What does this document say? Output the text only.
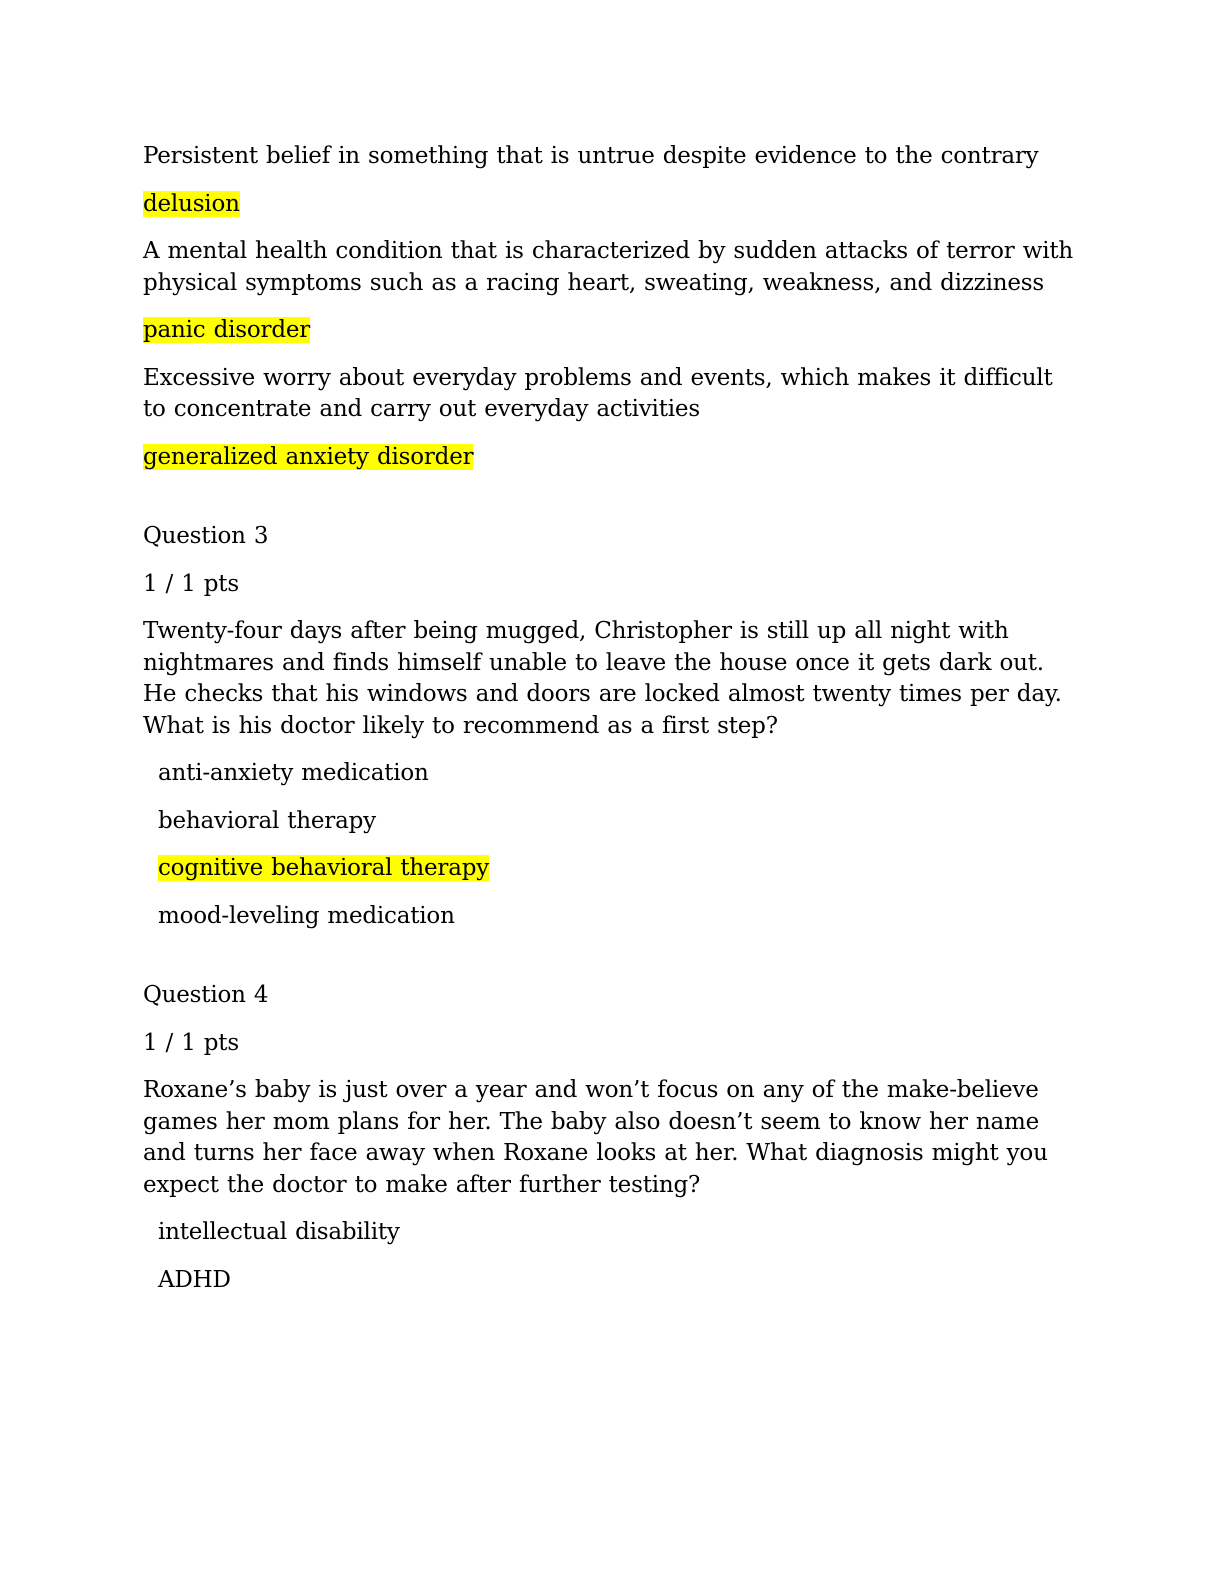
Persistent belief in something that is untrue despite evidence to the contrary

delusion

A mental health condition that is characterized by sudden attacks of terror with physical symptoms such as a racing heart, sweating, weakness, and dizziness

panic disorder

Excessive worry about everyday problems and events, which makes it difficult to concentrate and carry out everyday activities

generalized anxiety disorder

Question 3

1 / 1 pts

Twenty-four days after being mugged, Christopher is still up all night with nightmares and finds himself unable to leave the house once it gets dark out. He checks that his windows and doors are locked almost twenty times per day. What is his doctor likely to recommend as a first step?

anti-anxiety medication

behavioral therapy

cognitive behavioral therapy

mood-leveling medication

Question 4

1 / 1 pts

Roxane’s baby is just over a year and won’t focus on any of the make-believe games her mom plans for her. The baby also doesn’t seem to know her name and turns her face away when Roxane looks at her. What diagnosis might you expect the doctor to make after further testing?

intellectual disability

ADHD
